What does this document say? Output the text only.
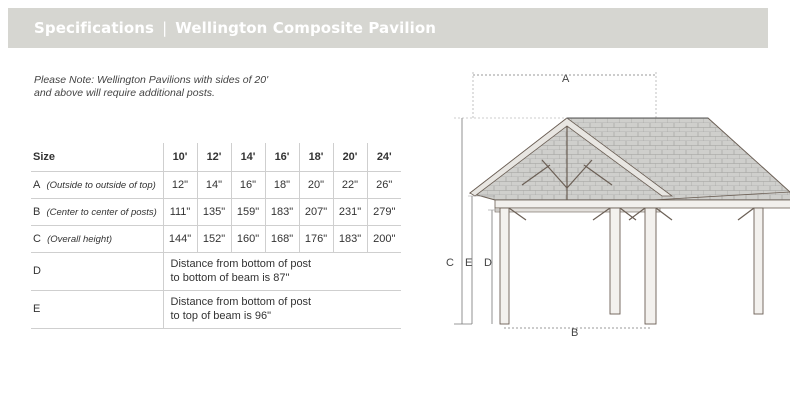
Specifications | Wellington Composite Pavilion
Please Note: Wellington Pavilions with sides of 20'
and above will require additional posts.
Size	10'	12'	14'	16'	18'	20'	24'
A (Outside to outside of top)	12"	14"	16"	18"	20"	22"	26"
B (Center to center of posts)	111"	135"	159"	183"	207"	231"	279"
C (Overall height)	144"	152"	160"	168"	176"	183"	200"
D	Distance from bottom of post
to bottom of beam is 87"						

E	Distance from bottom of post
to top of beam is 96"						
A
C E D
B
